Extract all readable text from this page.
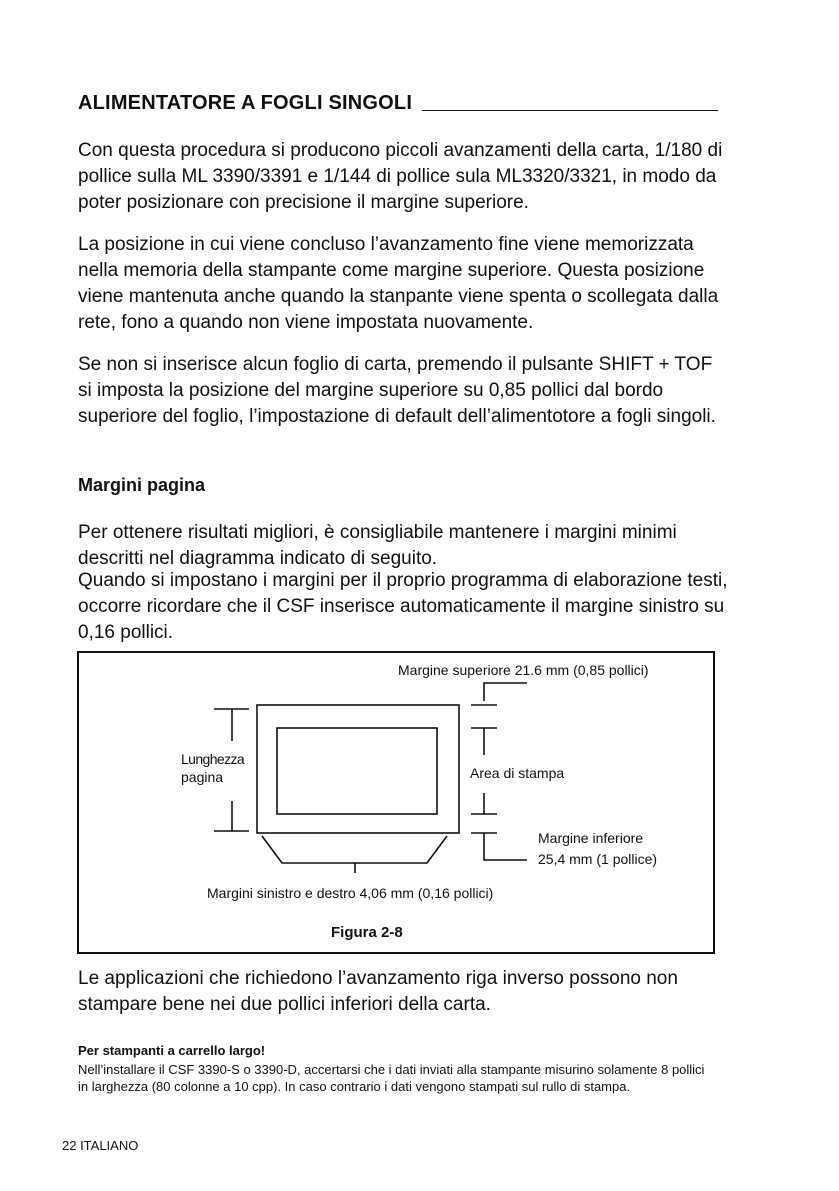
ALIMENTATORE A FOGLI SINGOLI

Con questa procedura si producono piccoli avanzamenti della carta, 1/180 di pollice sulla ML 3390/3391 e 1/144 di pollice sula ML3320/3321, in modo da poter posizionare con precisione il margine superiore.

La posizione in cui viene concluso l’avanzamento fine viene memorizzata nella memoria della stampante come margine superiore. Questa posizione viene mantenuta anche quando la stanpante viene spenta o scollegata dalla rete, fono a quando non viene impostata nuovamente.

Se non si inserisce alcun foglio di carta, premendo il pulsante SHIFT + TOF si imposta la posizione del margine superiore su 0,85 pollici dal bordo superiore del foglio, l’impostazione di default dell’alimentotore a fogli singoli.

Margini pagina

Per ottenere risultati migliori, è consigliabile mantenere i margini minimi descritti nel diagramma indicato di seguito.

Quando si impostano i margini per il proprio programma di elaborazione testi, occorre ricordare che il CSF inserisce automaticamente il margine sinistro su 0,16 pollici.

Margine superiore 21.6 mm (0,85 pollici)
Lunghezza
pagina	Area di stampa
Margine inferiore
25,4 mm (1 pollice)
Margini sinistro e destro 4,06 mm (0,16 pollici)
Figura 2-8

Le applicazioni che richiedono l’avanzamento riga inverso possono non stampare bene nei due pollici inferiori della carta.

Per stampanti a carrello largo!

Nell’installare il CSF 3390-S o 3390-D, accertarsi che i dati inviati alla stampante misurino solamente 8 pollici in larghezza (80 colonne a 10 cpp). In caso contrario i dati vengono stampati sul rullo di stampa.

22 ITALIANO
